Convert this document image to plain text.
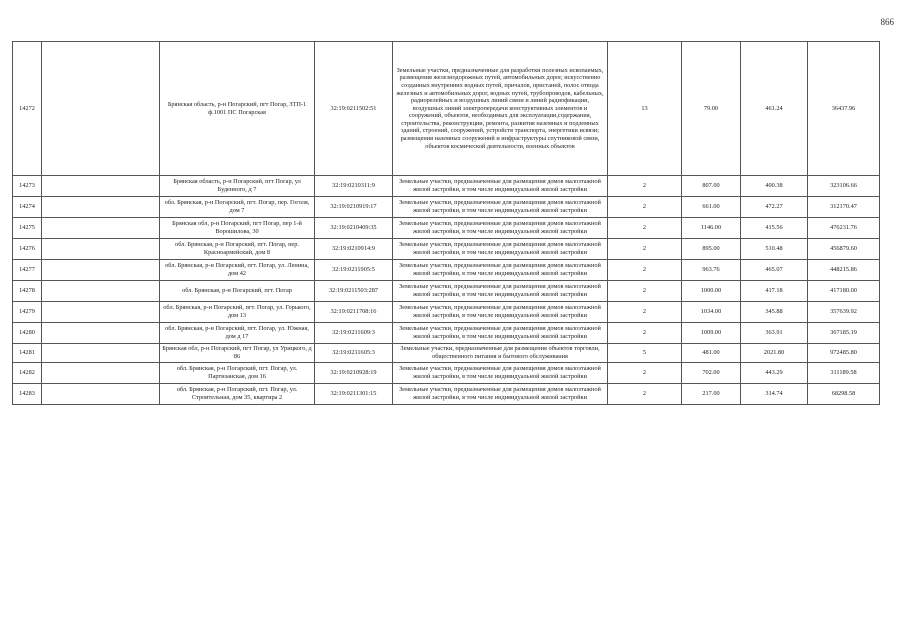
866
14272		Брянская область, р-н Погарский, пгт Погар, ЗТП-1 ф.1001 ПС Погарская	32:19:0211502:51	Земельные участки, предназначенные для разработки полезных ископаемых, размещения железнодорожных путей, автомобильных дорог, искусственно созданных внутренних водных путей, причалов, пристаней, полос отвода железных и автомобильных дорог, водных путей, трубопроводов, кабельных, радиорелейных и воздушных линий связи и линий радиофикации, воздушных линий электропередачи конструктивных элементов и сооружений, объектов, необходимых для эксплуатации,содержания, строительства, реконструкции, ремонта, развития наземных и подземных зданий, строений, сооружений, устройств транспорта, энергетики исвязи; размещения наземных сооружений и инфраструктуры спутниковой связи, объектов космической деятельности, военных объектов	13	79.00	461.24	36437.96
14273		Брянская область, р-н Погарский, пгт Погар, ул Буденного, д 7	32:19:0210311:9	Земельные участки, предназначенные для размещения домов малоэтажной жилой застройки, в том числе индивидуальной жилой застройки	2	807.00	400.38	323106.66
14274		обл. Брянская, р-н Погарский, пгт. Погар, пер. Гоголя, дом 7	32:19:0210919:17	Земельные участки, предназначенные для размещения домов малоэтажной жилой застройки, в том числе индивидуальной жилой застройки	2	661.00	472.27	312170.47
14275		Брянская обл, р-н Погарский, пгт Погар, пер 1-й Ворошилова, 30	32:19:0210409:35	Земельные участки, предназначенные для размещения домов малоэтажной жилой застройки, в том числе индивидуальной жилой застройки	2	1146.00	415.56	476231.76
14276		обл. Брянская, р-н Погарский, пгт. Погар, пер. Красноармейский, дом 8	32:19:0210914:9	Земельные участки, предназначенные для размещения домов малоэтажной жилой застройки, в том числе индивидуальной жилой застройки	2	895.00	510.48	456879.60
14277		обл. Брянская, р-н Погарский, пгт. Погар, ул. Ленина, дом 42	32:19:0211905:5	Земельные участки, предназначенные для размещения домов малоэтажной жилой застройки, в том числе индивидуальной жилой застройки	2	963.76	465.07	448215.86
14278		обл. Брянская, р-н Погарский, пгт. Погар	32:19:0211503:287	Земельные участки, предназначенные для размещения домов малоэтажной жилой застройки, в том числе индивидуальной жилой застройки	2	1000.00	417.18	417180.00
14279		обл. Брянская, р-н Погарский, пгт. Погар, ул. Горького, дом 13	32:19:0211708:16	Земельные участки, предназначенные для размещения домов малоэтажной жилой застройки, в том числе индивидуальной жилой застройки	2	1034.00	345.88	357639.92
14280		обл. Брянская, р-н Погарский, пгт. Погар, ул. Южная, дом д 17	32:19:0211609:3	Земельные участки, предназначенные для размещения домов малоэтажной жилой застройки, в том числе индивидуальной жилой застройки	2	1009.00	363.91	367185.19
14281		Брянская обл, р-н Погарский, пгт Погар, ул Урицкого, д 86	32:19:0211605:3	Земельные участки, предназначенные для размещения объектов торговли, общественного питания и бытового обслуживания	5	481.00	2021.80	972485.80
14282		обл. Брянская, р-н Погарский, пгт. Погар, ул. Партизанская, дом 16	32:19:0210928:19	Земельные участки, предназначенные для размещения домов малоэтажной жилой застройки, в том числе индивидуальной жилой застройки	2	702.00	443.29	311189.58
14283		обл. Брянская, р-н Погарский, пгт. Погар, ул. Строительная, дом 35, квартира 2	32:19:0211301:15	Земельные участки, предназначенные для размещения домов малоэтажной жилой застройки, в том числе индивидуальной жилой застройки	2	217.00	314.74	68298.58
